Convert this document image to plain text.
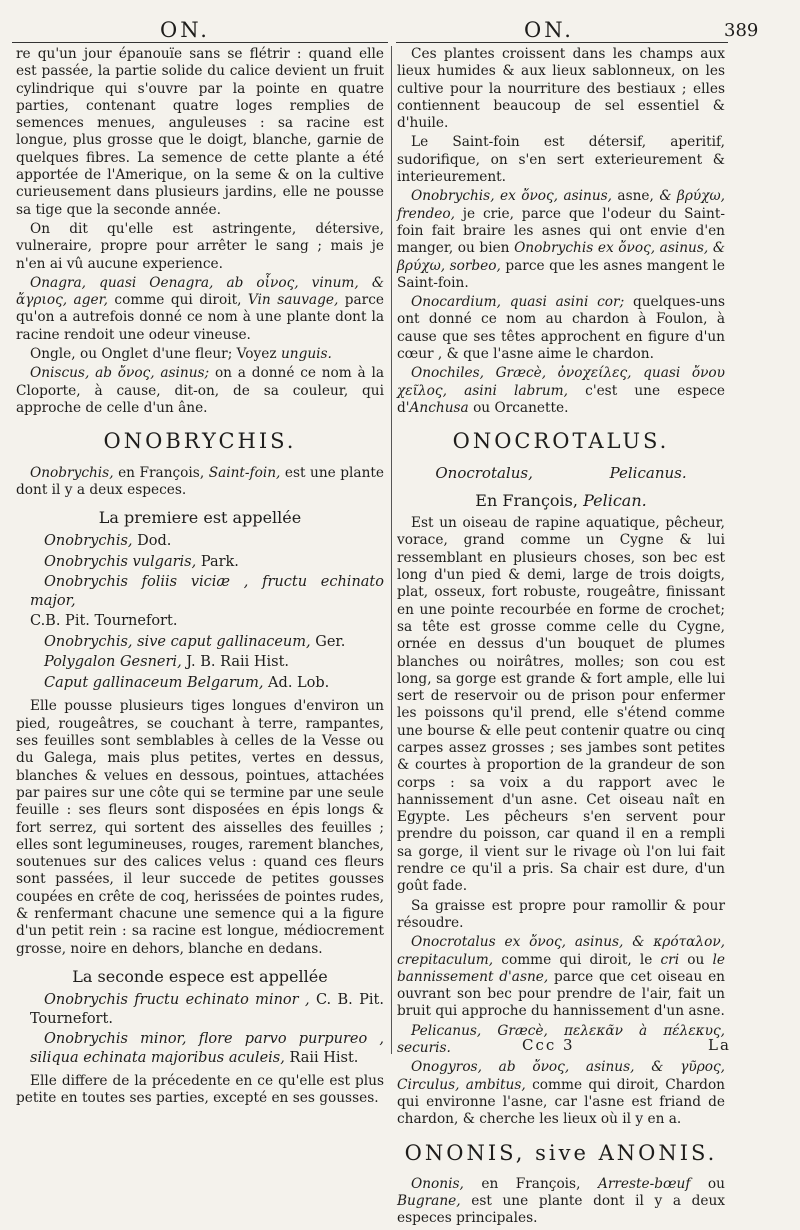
ON.	ON.	389

re qu'un jour épanouïe sans se flétrir : quand elle est passée, la partie solide du calice devient un fruit cylindrique qui s'ouvre par la pointe en quatre parties, contenant quatre loges remplies de semences menues, anguleuses : sa racine est longue, plus grosse que le doigt, blanche, garnie de quelques fibres. La semence de cette plante a été apportée de l'Amerique, on la seme & on la cultive curieusement dans plusieurs jardins, elle ne pousse sa tige que la seconde année.

On dit qu'elle est astringente, détersive, vulneraire, propre pour arrêter le sang ; mais je n'en ai vû aucune experience.

Onagra, quasi Oenagra, ab οἶνος, vinum, & ἄγριος, ager, comme qui diroit, Vin sauvage, parce qu'on a autrefois donné ce nom à une plante dont la racine rendoit une odeur vineuse.

Ongle, ou Onglet d'une fleur; Voyez unguis.

Oniscus, ab ὄνος, asinus; on a donné ce nom à la Cloporte, à cause, dit-on, de sa couleur, qui approche de celle d'un âne.

ONOBRYCHIS.

Onobrychis, en François, Saint-foin, est une plante dont il y a deux especes.

La premiere est appellée

Onobrychis, Dod.

Onobrychis vulgaris, Park.

Onobrychis foliis viciæ , fructu echinato major,

C.B. Pit. Tournefort.

Onobrychis, sive caput gallinaceum, Ger.

Polygalon Gesneri, J. B. Raii Hist.

Caput gallinaceum Belgarum, Ad. Lob.

Elle pousse plusieurs tiges longues d'environ un pied, rougeâtres, se couchant à terre, rampantes, ses feuilles sont semblables à celles de la Vesse ou du Galega, mais plus petites, vertes en dessus, blanches & velues en dessous, pointues, attachées par paires sur une côte qui se termine par une seule feuille : ses fleurs sont disposées en épis longs & fort serrez, qui sortent des aisselles des feuilles ; elles sont legumineuses, rouges, rarement blanches, soutenues sur des calices velus : quand ces fleurs sont passées, il leur succede de petites gousses coupées en crête de coq, herissées de pointes rudes, & renfermant chacune une semence qui a la figure d'un petit rein : sa racine est longue, médiocrement grosse, noire en dehors, blanche en dedans.

La seconde espece est appellée

Onobrychis fructu echinato minor , C. B. Pit. Tournefort.

Onobrychis minor, flore parvo purpureo , siliqua echinata majoribus aculeis, Raii Hist.

Elle differe de la précedente en ce qu'elle est plus petite en toutes ses parties, excepté en ses gousses.

Ces plantes croissent dans les champs aux lieux humides & aux lieux sablonneux, on les cultive pour la nourriture des bestiaux ; elles contiennent beaucoup de sel essentiel & d'huile.

Le Saint-foin est détersif, aperitif, sudorifique, on s'en sert exterieurement & interieurement.

Onobrychis, ex ὄνος, asinus, asne, & βρύχω, frendeo, je crie, parce que l'odeur du Saint-foin fait braire les asnes qui ont envie d'en manger, ou bien Onobrychis ex ὄνος, asinus, & βρύχω, sorbeo, parce que les asnes mangent le Saint-foin.

Onocardium, quasi asini cor; quelques-uns ont donné ce nom au chardon à Foulon, à cause que ses têtes approchent en figure d'un cœur , & que l'asne aime le chardon.

Onochiles, Græcè, ὀνοχείλες, quasi ὄνου χεῖλος, asini labrum, c'est une espece d'Anchusa ou Orcanette.

ONOCROTALUS.
Onocrotalus,	Pelicanus.
En François, Pelican.

Est un oiseau de rapine aquatique, pêcheur, vorace, grand comme un Cygne & lui ressemblant en plusieurs choses, son bec est long d'un pied & demi, large de trois doigts, plat, osseux, fort robuste, rougeâtre, finissant en une pointe recourbée en forme de crochet; sa tête est grosse comme celle du Cygne, ornée en dessus d'un bouquet de plumes blanches ou noirâtres, molles; son cou est long, sa gorge est grande & fort ample, elle lui sert de reservoir ou de prison pour enfermer les poissons qu'il prend, elle s'étend comme une bourse & elle peut contenir quatre ou cinq carpes assez grosses ; ses jambes sont petites & courtes à proportion de la grandeur de son corps : sa voix a du rapport avec le hannissement d'un asne. Cet oiseau naît en Egypte. Les pêcheurs s'en servent pour prendre du poisson, car quand il en a rempli sa gorge, il vient sur le rivage où l'on lui fait rendre ce qu'il a pris. Sa chair est dure, d'un goût fade.

Sa graisse est propre pour ramollir & pour résoudre.

Onocrotalus ex ὄνος, asinus, & κρόταλον, crepitaculum, comme qui diroit, le cri ou le bannissement d'asne, parce que cet oiseau en ouvrant son bec pour prendre de l'air, fait un bruit qui approche du hannissement d'un asne.

Pelicanus, Græcè, πελεκᾶν à πέλεκυς, securis.

Onogyros, ab ὄνος, asinus, & γῦρος, Circulus, ambitus, comme qui diroit, Chardon qui environne l'asne, car l'asne est friand de chardon, & cherche les lieux où il y en a.

ONONIS, sive ANONIS.

Ononis, en François, Arreste-bœuf ou Bugrane, est une plante dont il y a deux especes principales.

Ccc 3	La
